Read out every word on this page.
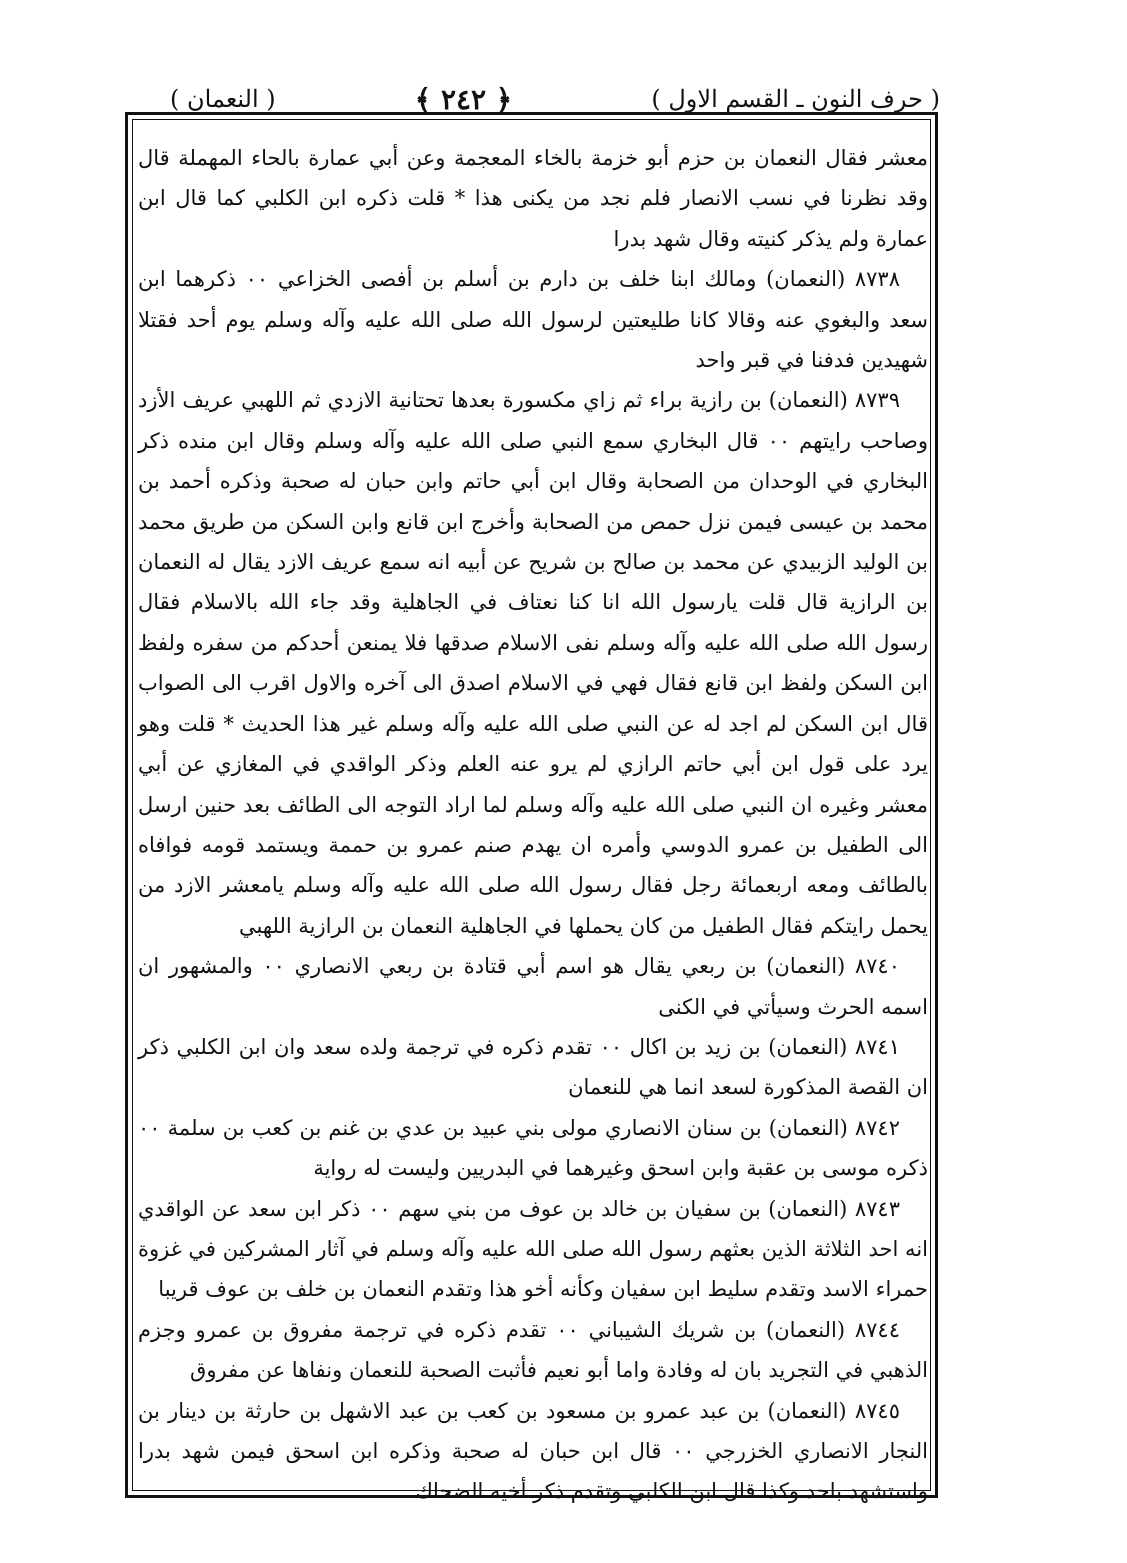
( حرف النون ـ القسم الاول )
﴿ ٢٤٢ ﴾
( النعمان )

معشر فقال النعمان بن حزم أبو خزمة بالخاء المعجمة وعن أبي عمارة بالحاء المهملة قال وقد نظرنا في نسب الانصار فلم نجد من يكنى هذا * قلت ذكره ابن الكلبي كما قال ابن عمارة ولم يذكر كنيته وقال شهد بدرا

٨٧٣٨ (النعمان) ومالك ابنا خلف بن دارم بن أسلم بن أفصى الخزاعي ٠٠ ذكرهما ابن سعد والبغوي عنه وقالا كانا طليعتين لرسول الله صلى الله عليه وآله وسلم يوم أحد فقتلا شهيدين فدفنا في قبر واحد

٨٧٣٩ (النعمان) بن رازية براء ثم زاي مكسورة بعدها تحتانية الازدي ثم اللهبي عريف الأزد وصاحب رايتهم ٠٠ قال البخاري سمع النبي صلى الله عليه وآله وسلم وقال ابن منده ذكر البخاري في الوحدان من الصحابة وقال ابن أبي حاتم وابن حبان له صحبة وذكره أحمد بن محمد بن عيسى فيمن نزل حمص من الصحابة وأخرج ابن قانع وابن السكن من طريق محمد بن الوليد الزبيدي عن محمد بن صالح بن شريح عن أبيه انه سمع عريف الازد يقال له النعمان بن الرازية قال قلت يارسول الله انا كنا نعتاف في الجاهلية وقد جاء الله بالاسلام فقال رسول الله صلى الله عليه وآله وسلم نفى الاسلام صدقها فلا يمنعن أحدكم من سفره ولفظ ابن السكن ولفظ ابن قانع فقال فهي في الاسلام اصدق الى آخره والاول اقرب الى الصواب قال ابن السكن لم اجد له عن النبي صلى الله عليه وآله وسلم غير هذا الحديث * قلت وهو يرد على قول ابن أبي حاتم الرازي لم يرو عنه العلم وذكر الواقدي في المغازي عن أبي معشر وغيره ان النبي صلى الله عليه وآله وسلم لما اراد التوجه الى الطائف بعد حنين ارسل الى الطفيل بن عمرو الدوسي وأمره ان يهدم صنم عمرو بن حممة ويستمد قومه فوافاه بالطائف ومعه اربعمائة رجل فقال رسول الله صلى الله عليه وآله وسلم يامعشر الازد من يحمل رايتكم فقال الطفيل من كان يحملها في الجاهلية النعمان بن الرازية اللهبي

٨٧٤٠ (النعمان) بن ربعي يقال هو اسم أبي قتادة بن ربعي الانصاري ٠٠ والمشهور ان اسمه الحرث وسيأتي في الكنى

٨٧٤١ (النعمان) بن زيد بن اكال ٠٠ تقدم ذكره في ترجمة ولده سعد وان ابن الكلبي ذكر ان القصة المذكورة لسعد انما هي للنعمان

٨٧٤٢ (النعمان) بن سنان الانصاري مولى بني عبيد بن عدي بن غنم بن كعب بن سلمة ٠٠ ذكره موسى بن عقبة وابن اسحق وغيرهما في البدريين وليست له رواية

٨٧٤٣ (النعمان) بن سفيان بن خالد بن عوف من بني سهم ٠٠ ذكر ابن سعد عن الواقدي انه احد الثلاثة الذين بعثهم رسول الله صلى الله عليه وآله وسلم في آثار المشركين في غزوة حمراء الاسد وتقدم سليط ابن سفيان وكأنه أخو هذا وتقدم النعمان بن خلف بن عوف قريبا

٨٧٤٤ (النعمان) بن شريك الشيباني ٠٠ تقدم ذكره في ترجمة مفروق بن عمرو وجزم الذهبي في التجريد بان له وفادة واما أبو نعيم فأثبت الصحبة للنعمان ونفاها عن مفروق

٨٧٤٥ (النعمان) بن عبد عمرو بن مسعود بن كعب بن عبد الاشهل بن حارثة بن دينار بن النجار الانصاري الخزرجي ٠٠ قال ابن حبان له صحبة وذكره ابن اسحق فيمن شهد بدرا واستشهد باحد وكذا قال ابن الكلبي وتقدم ذكر أخيه الضحاك
